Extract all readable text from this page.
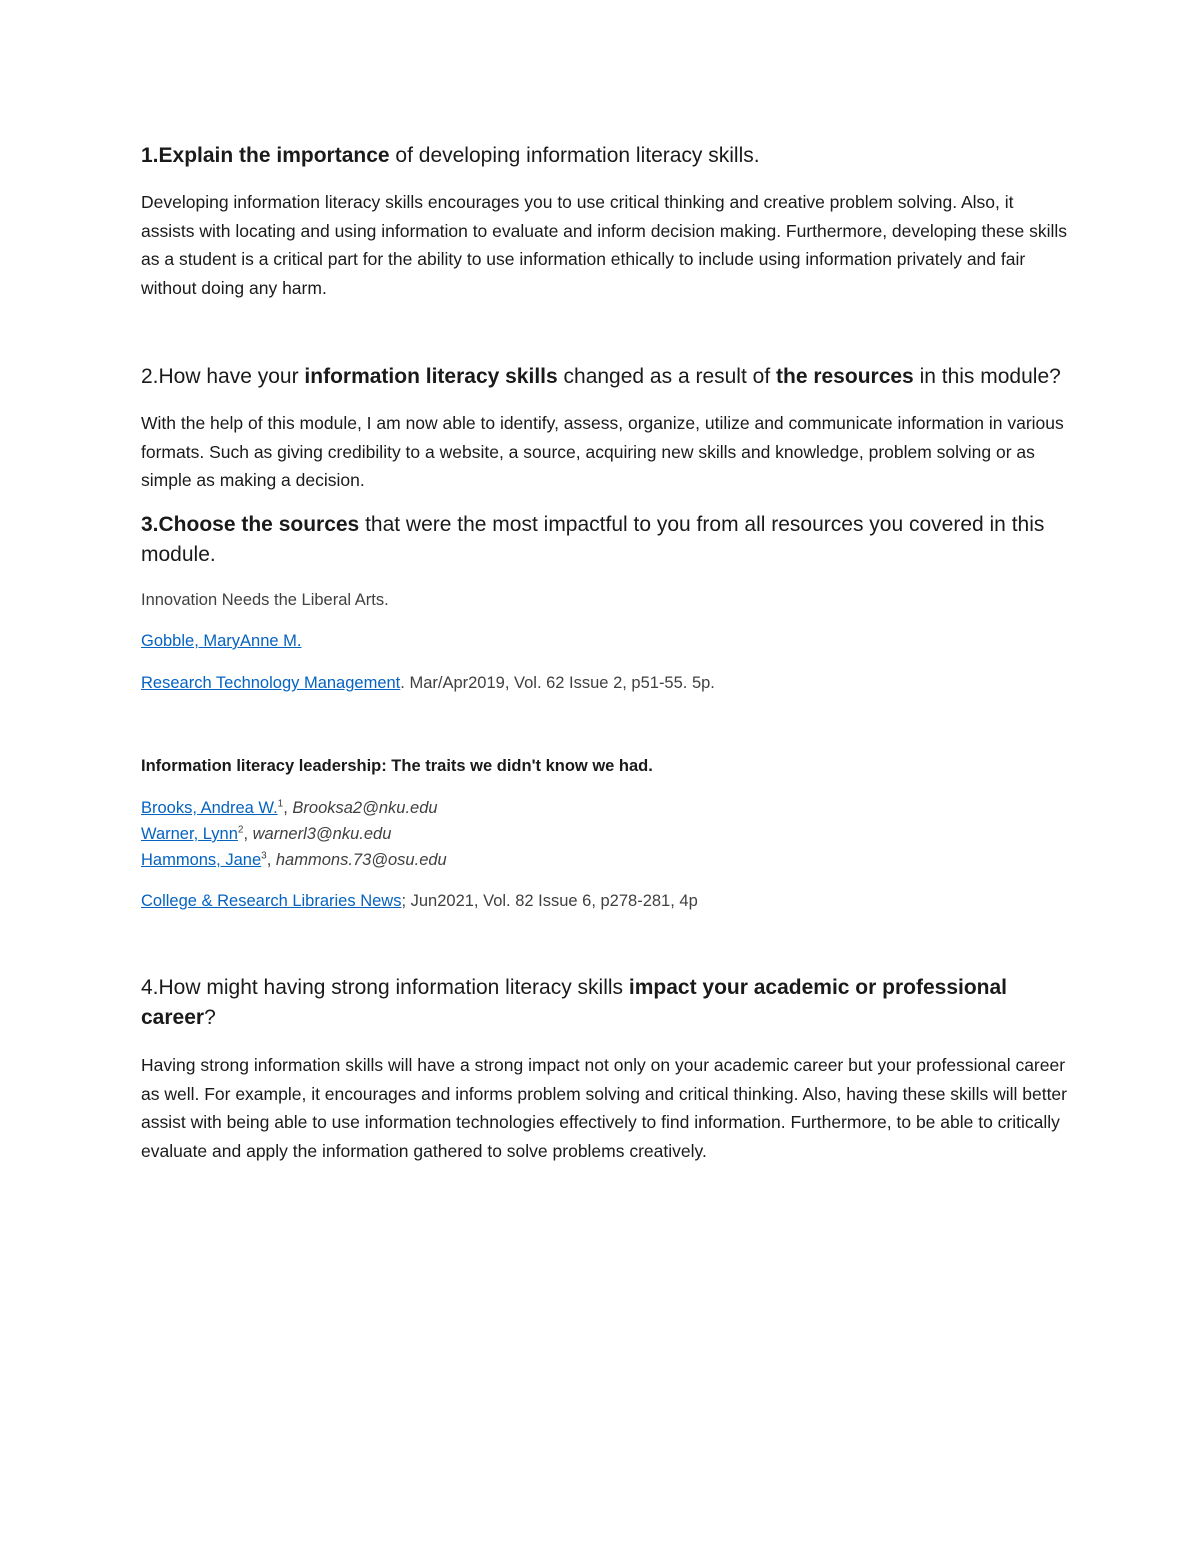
1.Explain the importance of developing information literacy skills.
Developing information literacy skills encourages you to use critical thinking and creative problem solving. Also, it assists with locating and using information to evaluate and inform decision making. Furthermore, developing these skills as a student is a critical part for the ability to use information ethically to include using information privately and fair without doing any harm.
2.How have your information literacy skills changed as a result of the resources in this module?
With the help of this module, I am now able to identify, assess, organize, utilize and communicate information in various formats. Such as giving credibility to a website, a source, acquiring new skills and knowledge, problem solving or as simple as making a decision.
3.Choose the sources that were the most impactful to you from all resources you covered in this module.
Innovation Needs the Liberal Arts.
Gobble, MaryAnne M.
Research Technology Management. Mar/Apr2019, Vol. 62 Issue 2, p51-55. 5p.
Information literacy leadership: The traits we didn't know we had.
Brooks, Andrea W.$^1$, Brooksa2@nku.edu
Warner, Lynn$^2$, warnerl3@nku.edu
Hammons, Jane$^3$, hammons.73@osu.edu
College & Research Libraries News; Jun2021, Vol. 82 Issue 6, p278-281, 4p
4.How might having strong information literacy skills impact your academic or professional career?
Having strong information skills will have a strong impact not only on your academic career but your professional career as well. For example, it encourages and informs problem solving and critical thinking. Also, having these skills will better assist with being able to use information technologies effectively to find information. Furthermore, to be able to critically evaluate and apply the information gathered to solve problems creatively.
